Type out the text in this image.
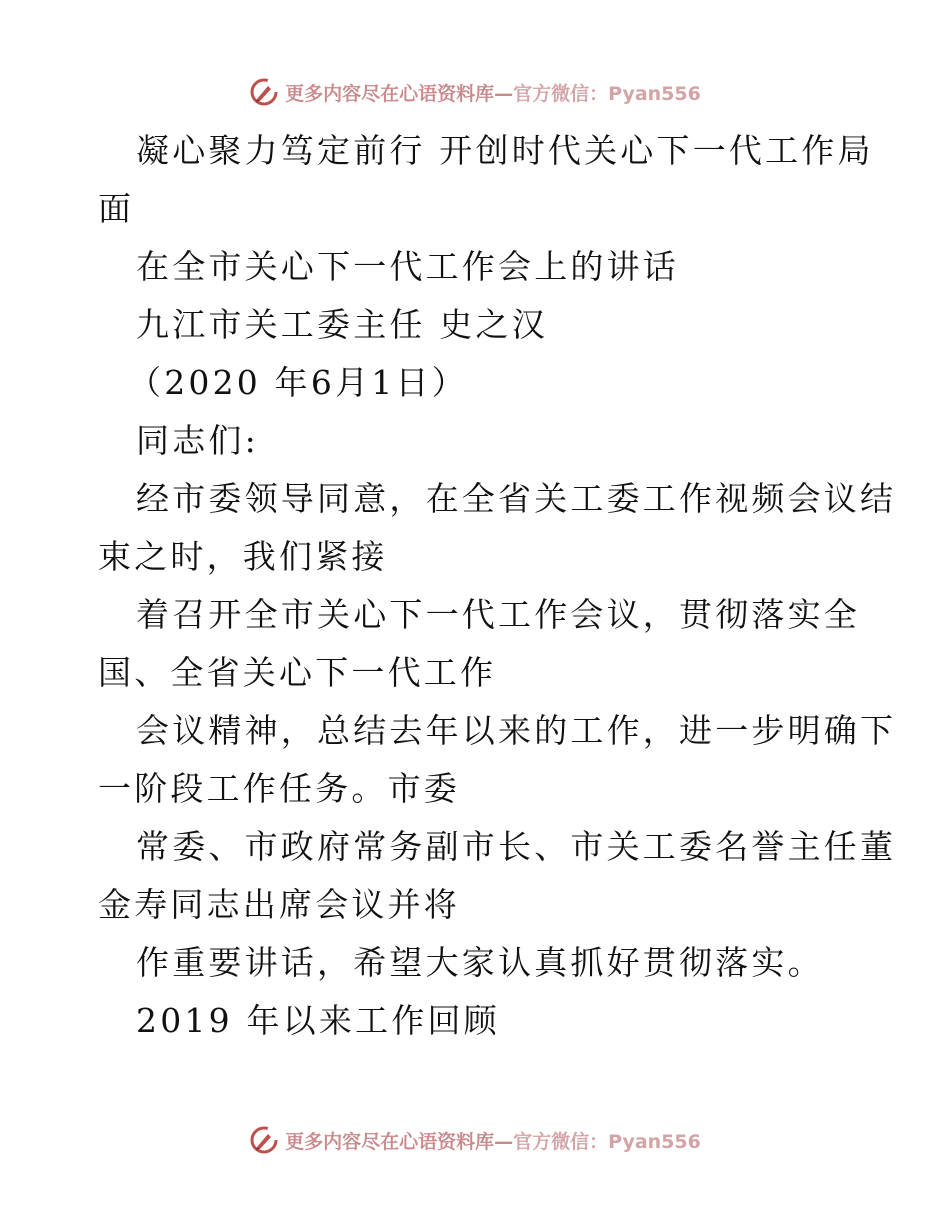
更多内容尽在心语资料库—官方微信：Pyan556
凝心聚力笃定前行 开创时代关心下一代工作局
面
在全市关心下一代工作会上的讲话
九江市关工委主任 史之汉
（2020 年6月1日）
同志们:
经市委领导同意，在全省关工委工作视频会议结
束之时，我们紧接
着召开全市关心下一代工作会议，贯彻落实全
国、全省关心下一代工作
会议精神，总结去年以来的工作，进一步明确下
一阶段工作任务。市委
常委、市政府常务副市长、市关工委名誉主任董
金寿同志出席会议并将
作重要讲话，希望大家认真抓好贯彻落实。
2019 年以来工作回顾
更多内容尽在心语资料库—官方微信：Pyan556
